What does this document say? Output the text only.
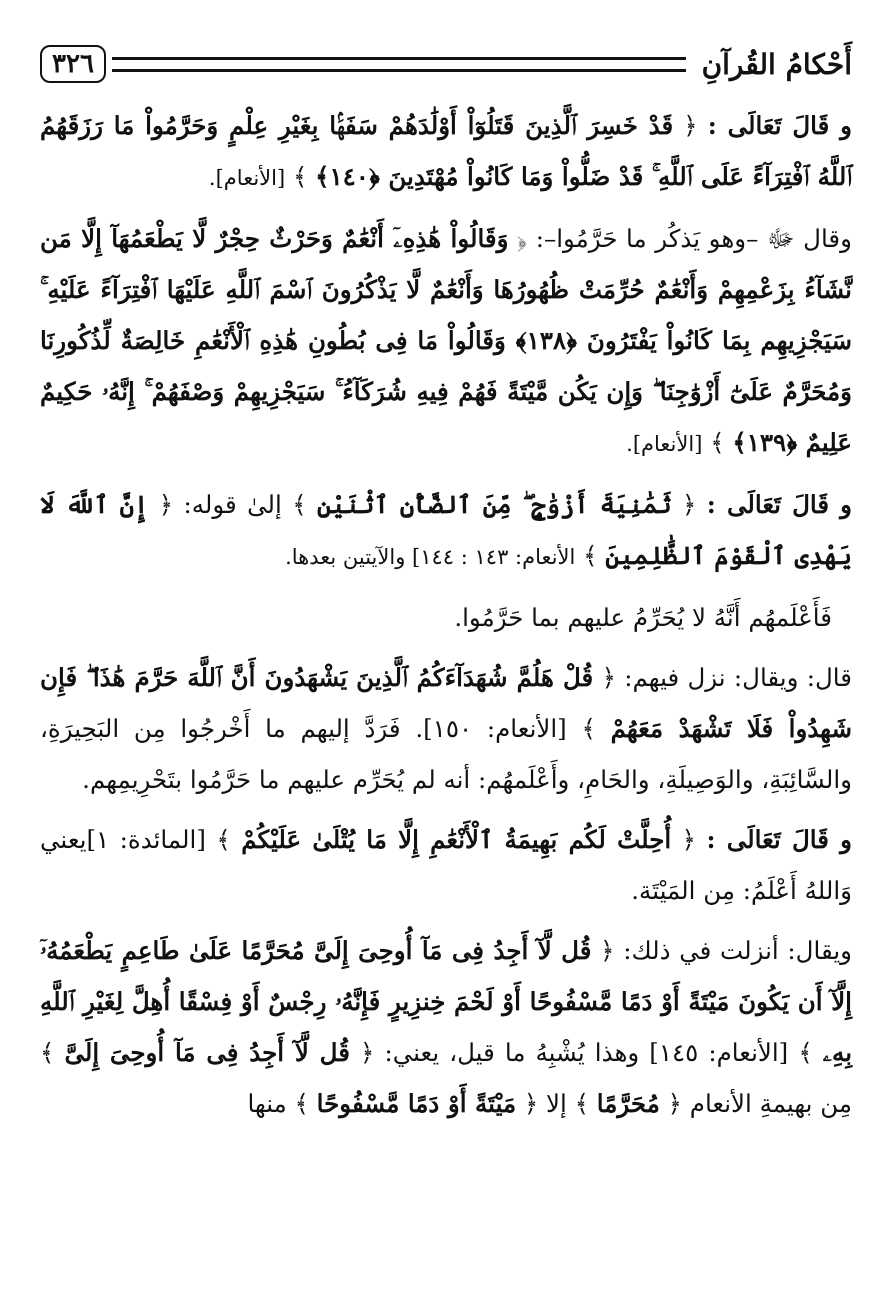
أَحْكامُ القُرآنِ
٣٢٦

و قَالَ تَعَالَى : ﴿ قَدْ خَسِرَ ٱلَّذِينَ قَتَلُوٓاْ أَوْلَٰدَهُمْ سَفَهَۢا بِغَيْرِ عِلْمٍ وَحَرَّمُواْ مَا رَزَقَهُمُ ٱللَّهُ ٱفْتِرَآءً عَلَى ٱللَّهِ ۚ قَدْ ضَلُّواْ وَمَا كَانُواْ مُهْتَدِينَ ﴿١٤٠﴾ ﴾ [الأنعام].

وقال ﷻ –وهو يَذكُر ما حَرَّمُوا–: ﴿ وَقَالُواْ هَٰذِهِۦٓ أَنْعَٰمٌ وَحَرْثٌ حِجْرٌ لَّا يَطْعَمُهَآ إِلَّا مَن نَّشَآءُ بِزَعْمِهِمْ وَأَنْعَٰمٌ حُرِّمَتْ ظُهُورُهَا وَأَنْعَٰمٌ لَّا يَذْكُرُونَ ٱسْمَ ٱللَّهِ عَلَيْهَا ٱفْتِرَآءً عَلَيْهِ ۚ سَيَجْزِيهِم بِمَا كَانُواْ يَفْتَرُونَ ﴿١٣٨﴾ وَقَالُواْ مَا فِى بُطُونِ هَٰذِهِ ٱلْأَنْعَٰمِ خَالِصَةٌ لِّذُكُورِنَا وَمُحَرَّمٌ عَلَىٰٓ أَزْوَٰجِنَا ۖ وَإِن يَكُن مَّيْتَةً فَهُمْ فِيهِ شُرَكَآءُ ۚ سَيَجْزِيهِمْ وَصْفَهُمْ ۚ إِنَّهُۥ حَكِيمٌ عَلِيمٌ ﴿١٣٩﴾ ﴾ [الأنعام].

و قَالَ تَعَالَى : ﴿ ثَمَٰنِيَةَ أَزْوَٰجٍ ۖ مِّنَ ٱلضَّأْنِ ٱثْنَيْنِ ﴾ إلىٰ قوله: ﴿ إِنَّ ٱللَّهَ لَا يَهْدِى ٱلْقَوْمَ ٱلظَّٰلِمِينَ ﴾ الأنعام: ١٤٣ : ١٤٤] والآيتين بعدها.

فَأَعْلَمهُم أَنَّهُ لا يُحَرِّمُ عليهم بما حَرَّمُوا.

قال: ويقال: نزل فيهم: ﴿ قُلْ هَلُمَّ شُهَدَآءَكُمُ ٱلَّذِينَ يَشْهَدُونَ أَنَّ ٱللَّهَ حَرَّمَ هَٰذَا ۖ فَإِن شَهِدُواْ فَلَا تَشْهَدْ مَعَهُمْ ﴾ [الأنعام: ١٥٠]. فَرَدَّ إليهم ما أَخْرجُوا مِن البَحِيرَةِ، والسَّائِبَةِ، والوَصِيلَةِ، والحَامِ، وأَعْلَمهُم: أنه لم يُحَرِّم عليهم ما حَرَّمُوا بتَحْرِيمِهم.

و قَالَ تَعَالَى : ﴿ أُحِلَّتْ لَكُم بَهِيمَةُ ٱلْأَنْعَٰمِ إِلَّا مَا يُتْلَىٰ عَلَيْكُمْ ﴾ [المائدة: ١]يعني وَاللهُ أَعْلَمُ: مِن المَيْتَة.

ويقال: أنزلت في ذلك: ﴿ قُل لَّآ أَجِدُ فِى مَآ أُوحِىَ إِلَىَّ مُحَرَّمًا عَلَىٰ طَاعِمٍ يَطْعَمُهُۥٓ إِلَّآ أَن يَكُونَ مَيْتَةً أَوْ دَمًا مَّسْفُوحًا أَوْ لَحْمَ خِنزِيرٍ فَإِنَّهُۥ رِجْسٌ أَوْ فِسْقًا أُهِلَّ لِغَيْرِ ٱللَّهِ بِهِۦ ﴾ [الأنعام: ١٤٥] وهذا يُشْبِهُ ما قيل، يعني: ﴿ قُل لَّآ أَجِدُ فِى مَآ أُوحِىَ إِلَىَّ ﴾ مِن بهيمةِ الأنعام ﴿ مُحَرَّمًا ﴾ إلا ﴿ مَيْتَةً أَوْ دَمًا مَّسْفُوحًا ﴾ منها
